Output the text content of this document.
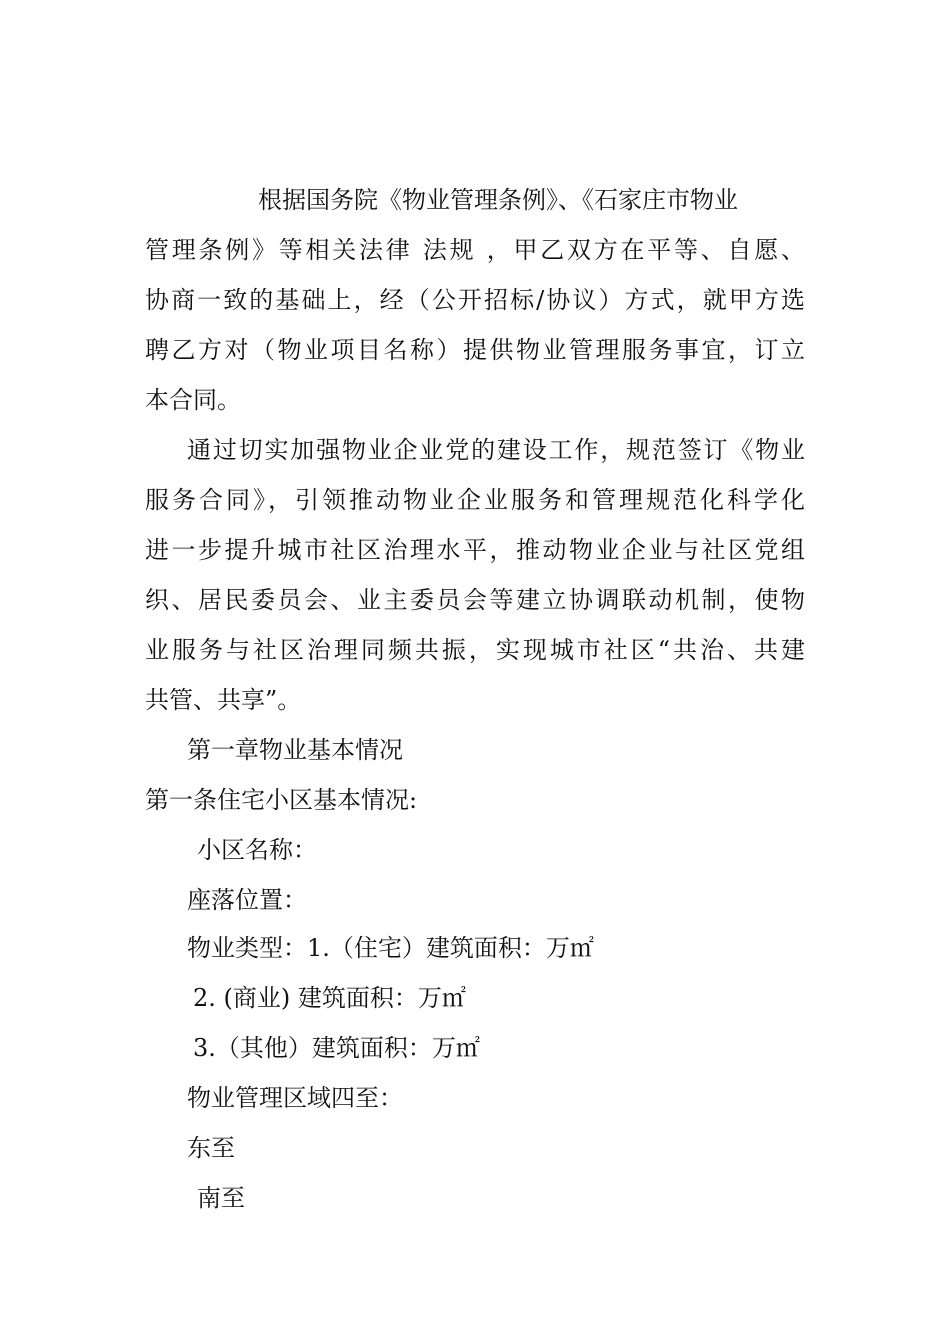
根据国务院《物业管理条例》、《石家庄市物业
管理条例》等相关法律 法规 ，甲乙双方在平等、自愿、
协商一致的基础上，经（公开招标/协议）方式，就甲方选
聘乙方对（物业项目名称）提供物业管理服务事宜，订立
本合同。
通过切实加强物业企业党的建设工作，规范签订《物业
服务合同》，引领推动物业企业服务和管理规范化科学化
进一步提升城市社区治理水平，推动物业企业与社区党组
织、居民委员会、业主委员会等建立协调联动机制，使物
业服务与社区治理同频共振，实现城市社区“共治、共建
共管、共享”。
第一章物业基本情况
第一条住宅小区基本情况:
小区名称：
座落位置：
物业类型：1.（住宅）建筑面积：万㎡
2. (商业) 建筑面积：万㎡
3.（其他）建筑面积：万㎡
物业管理区域四至：
东至
南至
